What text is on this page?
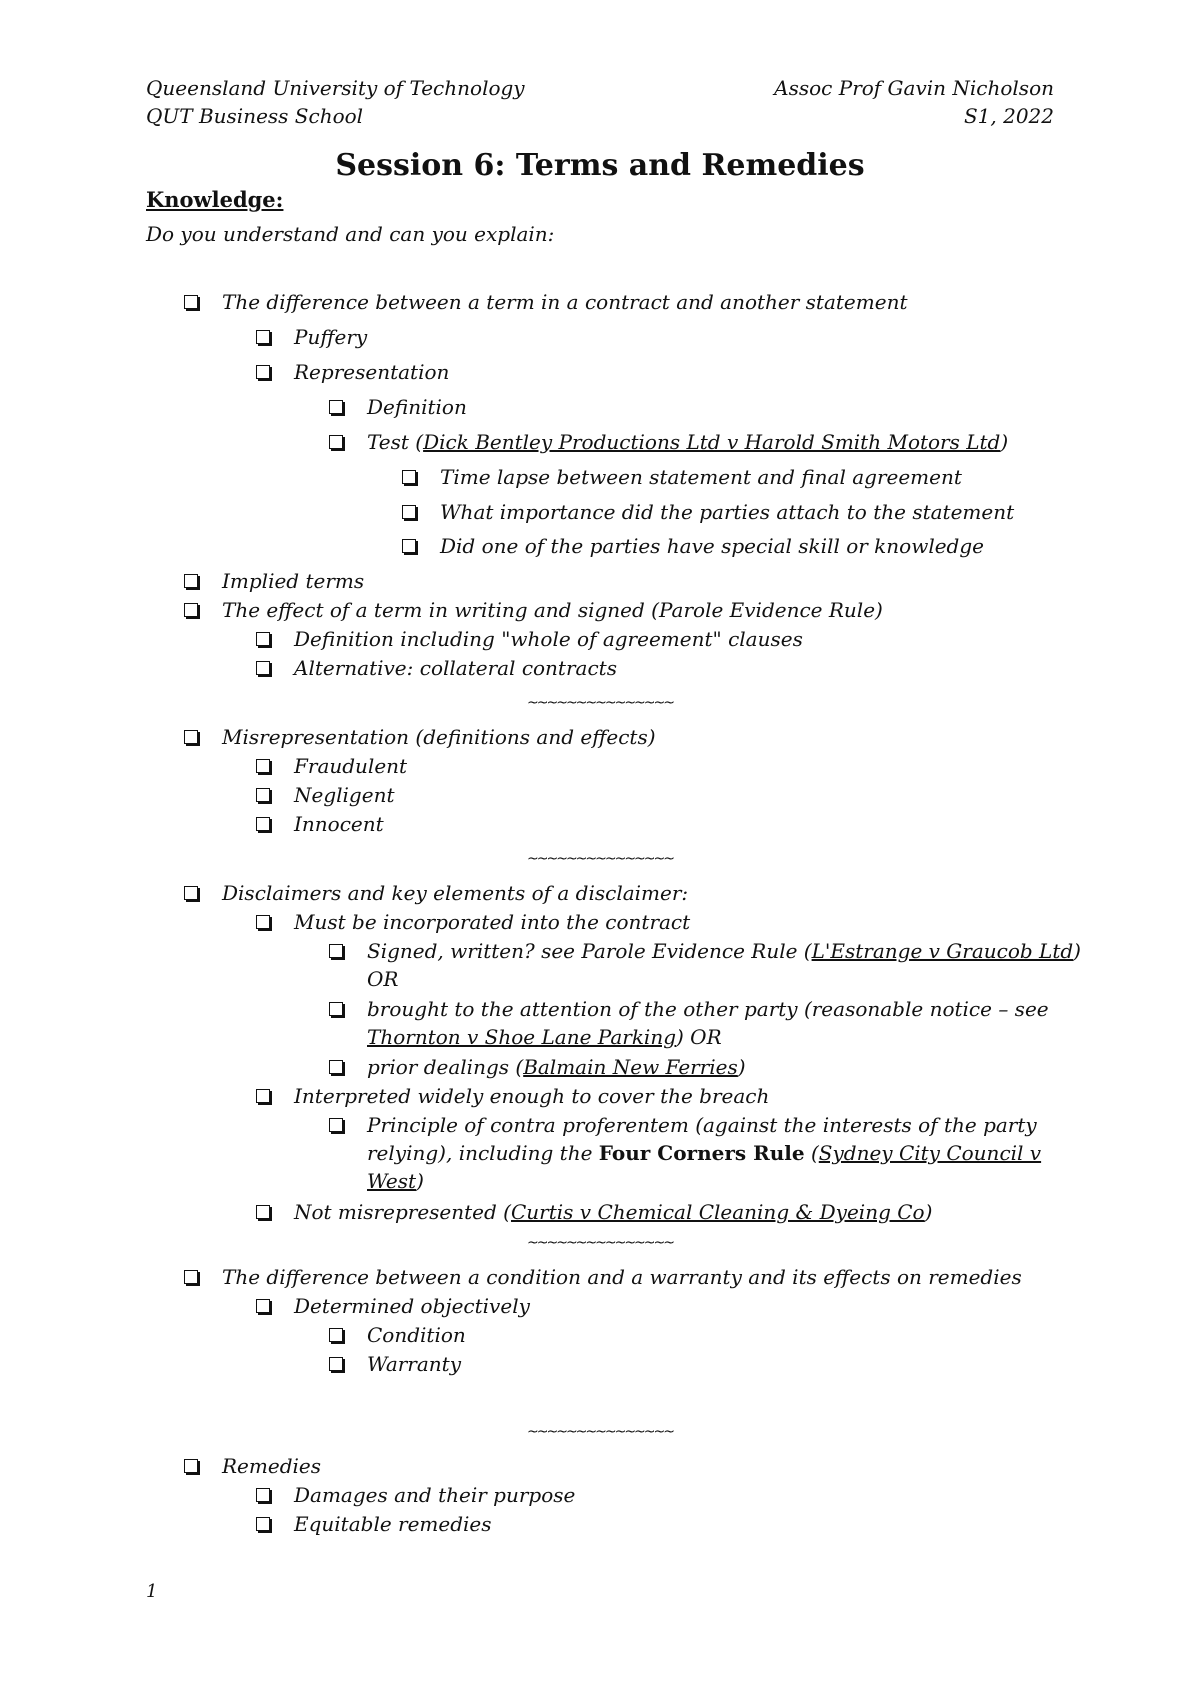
Queensland University of Technology
QUT Business School
Assoc Prof Gavin Nicholson
S1, 2022
Session 6: Terms and Remedies
Knowledge:
Do you understand and can you explain:
The difference between a term in a contract and another statement
Puffery
Representation
Definition
Test (Dick Bentley Productions Ltd v Harold Smith Motors Ltd)
Time lapse between statement and final agreement
What importance did the parties attach to the statement
Did one of the parties have special skill or knowledge
Implied terms
The effect of a term in writing and signed (Parole Evidence Rule)
Definition including "whole of agreement" clauses
Alternative: collateral contracts
~~~~~~~~~~~~~~~
Misrepresentation (definitions and effects)
Fraudulent
Negligent
Innocent
~~~~~~~~~~~~~~~
Disclaimers and key elements of a disclaimer:
Must be incorporated into the contract
Signed, written? see Parole Evidence Rule (L'Estrange v Graucob Ltd)
OR
brought to the attention of the other party (reasonable notice – see
Thornton v Shoe Lane Parking) OR
prior dealings (Balmain New Ferries)
Interpreted widely enough to cover the breach
Principle of contra proferentem (against the interests of the party
relying), including the Four Corners Rule (Sydney City Council v
West)
Not misrepresented (Curtis v Chemical Cleaning & Dyeing Co)
~~~~~~~~~~~~~~~
The difference between a condition and a warranty and its effects on remedies
Determined objectively
Condition
Warranty
~~~~~~~~~~~~~~~
Remedies
Damages and their purpose
Equitable remedies
1
